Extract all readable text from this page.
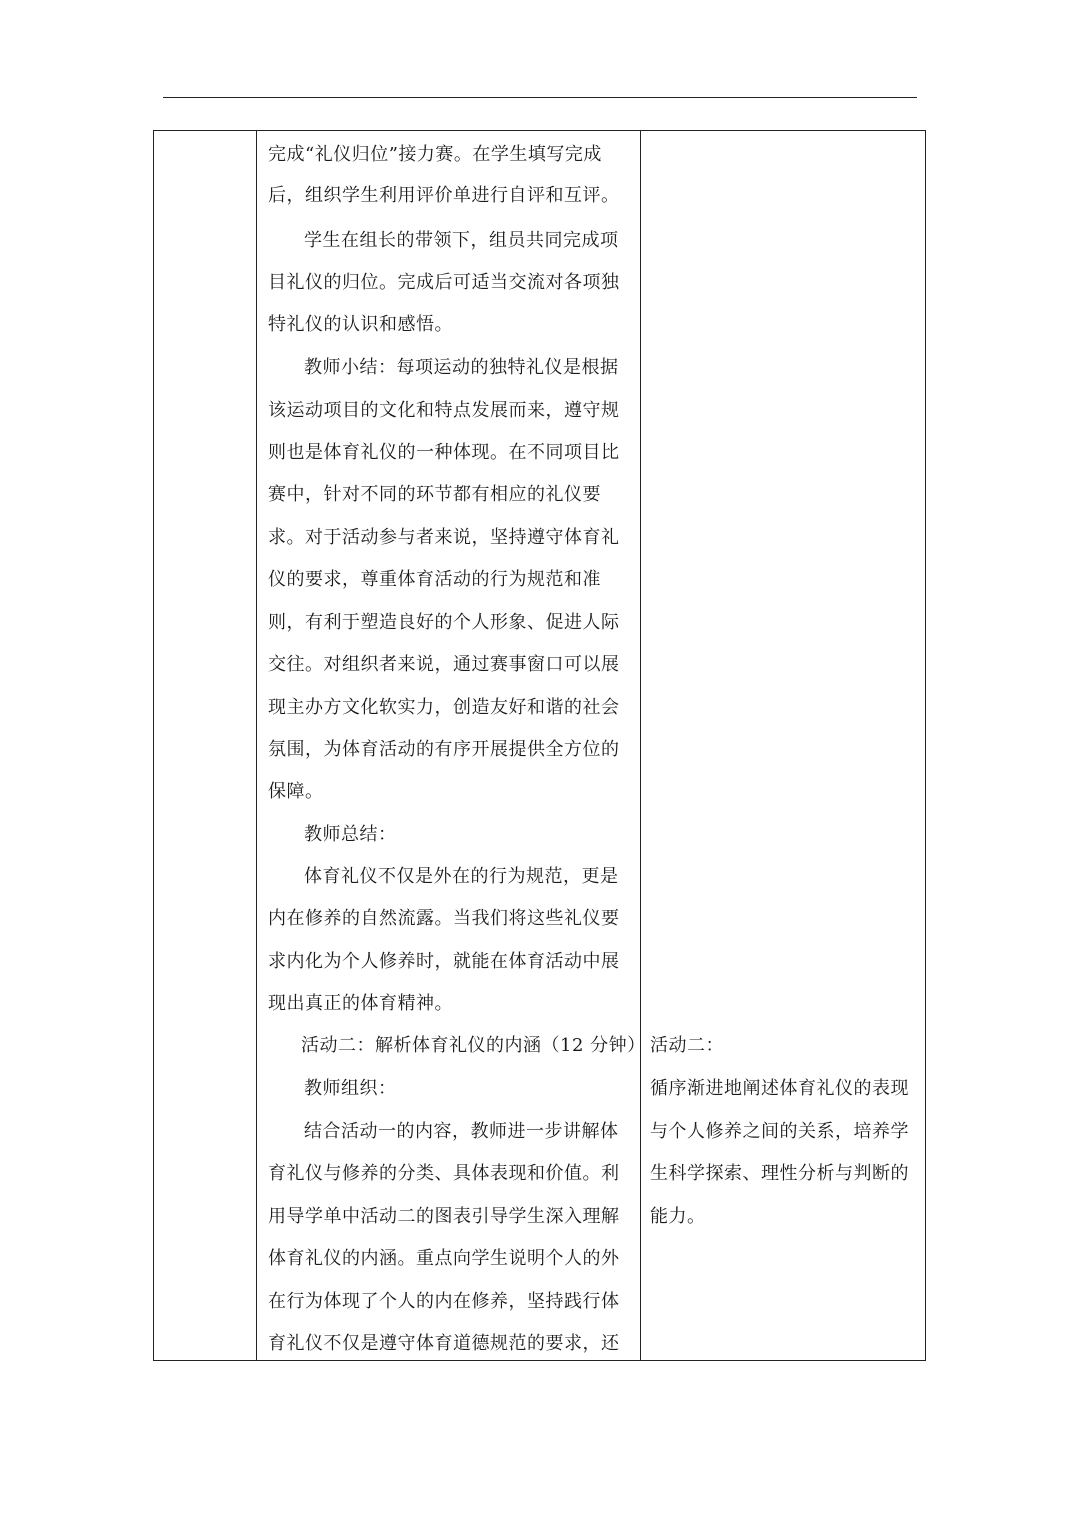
完成“礼仪归位”接力赛。在学生填写完成
后，组织学生利用评价单进行自评和互评。
学生在组长的带领下，组员共同完成项
目礼仪的归位。完成后可适当交流对各项独
特礼仪的认识和感悟。
教师小结：每项运动的独特礼仪是根据
该运动项目的文化和特点发展而来，遵守规
则也是体育礼仪的一种体现。在不同项目比
赛中，针对不同的环节都有相应的礼仪要
求。对于活动参与者来说，坚持遵守体育礼
仪的要求，尊重体育活动的行为规范和准
则，有利于塑造良好的个人形象、促进人际
交往。对组织者来说，通过赛事窗口可以展
现主办方文化软实力，创造友好和谐的社会
氛围，为体育活动的有序开展提供全方位的
保障。
教师总结：
体育礼仪不仅是外在的行为规范，更是
内在修养的自然流露。当我们将这些礼仪要
求内化为个人修养时，就能在体育活动中展
现出真正的体育精神。
活动二：解析体育礼仪的内涵（12 分钟）
教师组织：
结合活动一的内容，教师进一步讲解体
育礼仪与修养的分类、具体表现和价值。利
用导学单中活动二的图表引导学生深入理解
体育礼仪的内涵。重点向学生说明个人的外
在行为体现了个人的内在修养，坚持践行体
育礼仪不仅是遵守体育道德规范的要求，还
活动二：
循序渐进地阐述体育礼仪的表现
与个人修养之间的关系，培养学
生科学探索、理性分析与判断的
能力。
